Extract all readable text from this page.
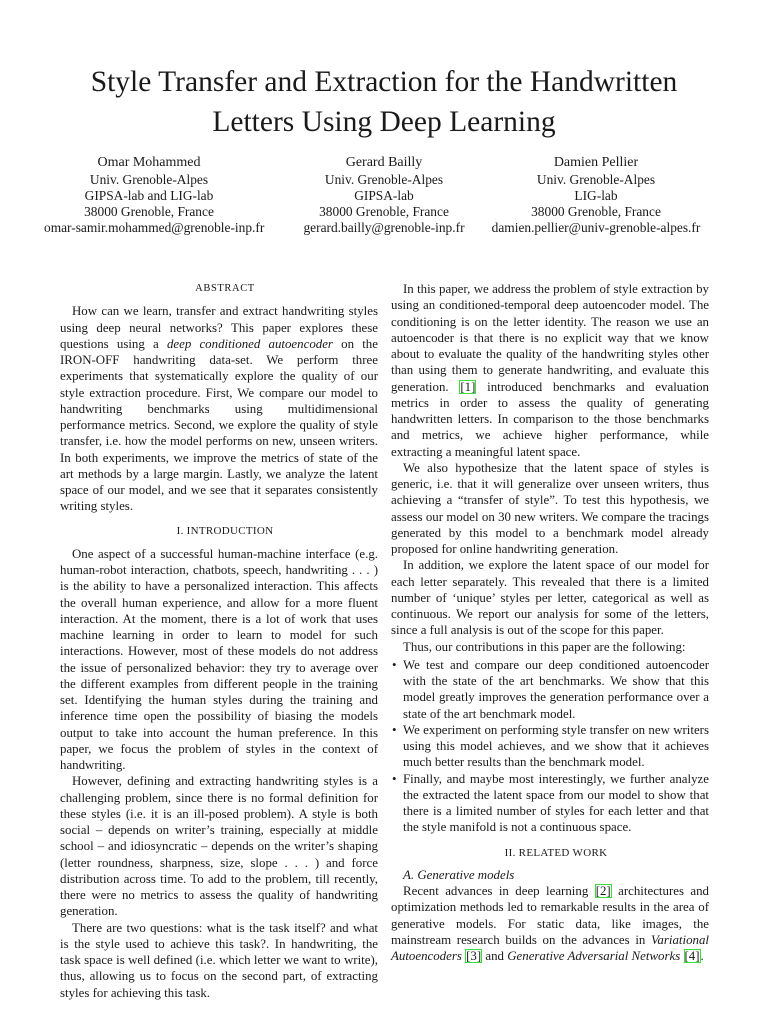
Style Transfer and Extraction for the Handwritten
Letters Using Deep Learning
Omar Mohammed
Univ. Grenoble-Alpes
GIPSA-lab and LIG-lab
38000 Grenoble, France
omar-samir.mohammed@grenoble-inp.fr
Gerard Bailly
Univ. Grenoble-Alpes
GIPSA-lab
38000 Grenoble, France
gerard.bailly@grenoble-inp.fr
Damien Pellier
Univ. Grenoble-Alpes
LIG-lab
38000 Grenoble, France
damien.pellier@univ-grenoble-alpes.fr

ABSTRACT

How can we learn, transfer and extract handwriting styles using deep neural networks? This paper explores these questions using a deep conditioned autoencoder on the IRON-OFF handwriting data-set. We perform three experiments that systematically explore the quality of our style extraction procedure. First, We compare our model to handwriting benchmarks using multidimensional performance metrics. Second, we explore the quality of style transfer, i.e. how the model performs on new, unseen writers. In both experiments, we improve the metrics of state of the art methods by a large margin. Lastly, we analyze the latent space of our model, and we see that it separates consistently writing styles.

I. INTRODUCTION

One aspect of a successful human-machine interface (e.g. human-robot interaction, chatbots, speech, handwriting . . . ) is the ability to have a personalized interaction. This affects the overall human experience, and allow for a more fluent interaction. At the moment, there is a lot of work that uses machine learning in order to learn to model for such interactions. However, most of these models do not address the issue of personalized behavior: they try to average over the different examples from different people in the training set. Identifying the human styles during the training and inference time open the possibility of biasing the models output to take into account the human preference. In this paper, we focus the problem of styles in the context of handwriting.

However, defining and extracting handwriting styles is a challenging problem, since there is no formal definition for these styles (i.e. it is an ill-posed problem). A style is both social – depends on writer’s training, especially at middle school – and idiosyncratic – depends on the writer’s shaping (letter roundness, sharpness, size, slope . . . ) and force distribution across time. To add to the problem, till recently, there were no metrics to assess the quality of handwriting generation.

There are two questions: what is the task itself? and what is the style used to achieve this task?. In handwriting, the task space is well defined (i.e. which letter we want to write), thus, allowing us to focus on the second part, of extracting styles for achieving this task.

In this paper, we address the problem of style extraction by using an conditioned-temporal deep autoencoder model. The conditioning is on the letter identity. The reason we use an autoencoder is that there is no explicit way that we know about to evaluate the quality of the handwriting styles other than using them to generate handwriting, and evaluate this generation. [1] introduced benchmarks and evaluation metrics in order to assess the quality of generating handwritten letters. In comparison to the those benchmarks and metrics, we achieve higher performance, while extracting a meaningful latent space.

We also hypothesize that the latent space of styles is generic, i.e. that it will generalize over unseen writers, thus achieving a “transfer of style”. To test this hypothesis, we assess our model on 30 new writers. We compare the tracings generated by this model to a benchmark model already proposed for online handwriting generation.

In addition, we explore the latent space of our model for each letter separately. This revealed that there is a limited number of ‘unique’ styles per letter, categorical as well as continuous. We report our analysis for some of the letters, since a full analysis is out of the scope for this paper.

Thus, our contributions in this paper are the following:

• We test and compare our deep conditioned autoencoder with the state of the art benchmarks. We show that this model greatly improves the generation performance over a state of the art benchmark model.
• We experiment on performing style transfer on new writers using this model achieves, and we show that it achieves much better results than the benchmark model.
• Finally, and maybe most interestingly, we further analyze the extracted the latent space from our model to show that there is a limited number of styles for each letter and that the style manifold is not a continuous space.

II. RELATED WORK

A. Generative models

Recent advances in deep learning [2] architectures and optimization methods led to remarkable results in the area of generative models. For static data, like images, the mainstream research builds on the advances in Variational Autoencoders [3] and Generative Adversarial Networks [4].
